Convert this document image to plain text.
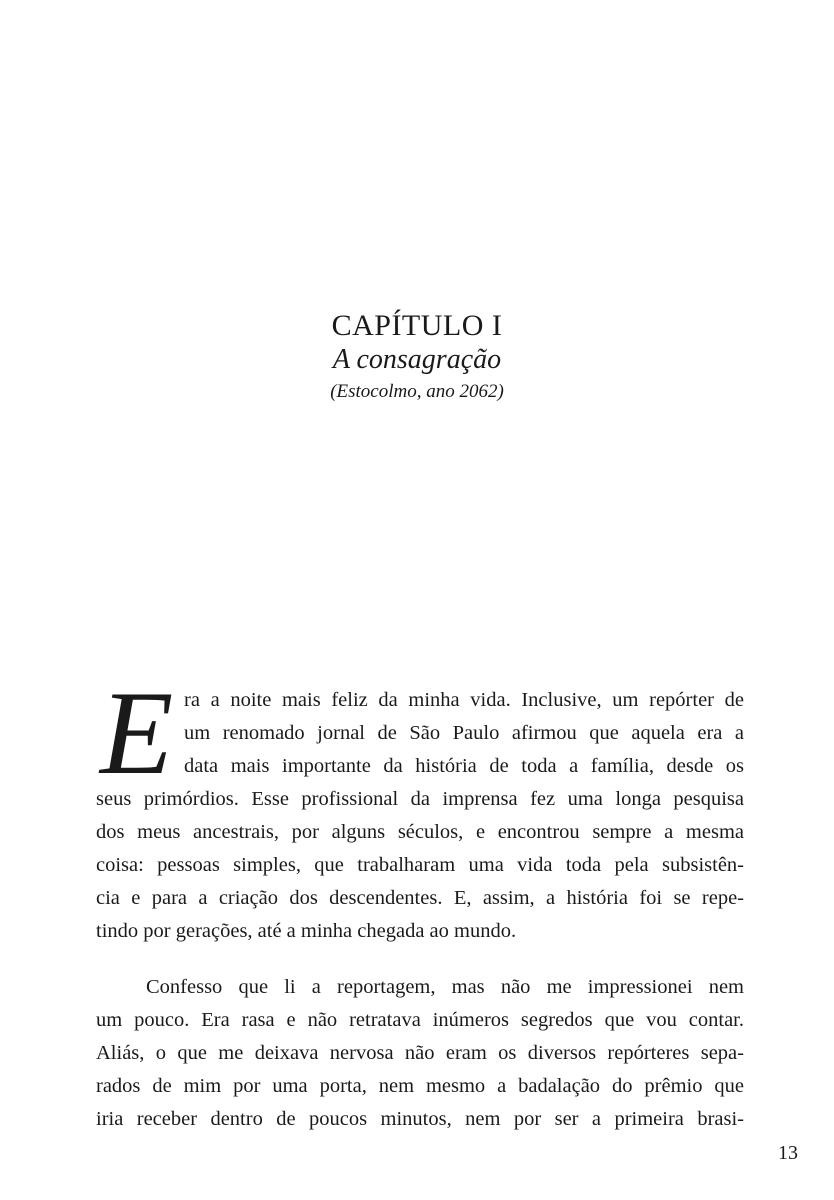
CAPÍTULO I

A consagração

(Estocolmo, ano 2062)

E ra a noite mais feliz da minha vida. Inclusive, um repórter de
um renomado jornal de São Paulo afirmou que aquela era a
data mais importante da história de toda a família, desde os
seus primórdios. Esse profissional da imprensa fez uma longa pesquisa
dos meus ancestrais, por alguns séculos, e encontrou sempre a mesma
coisa: pessoas simples, que trabalharam uma vida toda pela subsistên-
cia e para a criação dos descendentes. E, assim, a história foi se repe-
tindo por gerações, até a minha chegada ao mundo.
Confesso que li a reportagem, mas não me impressionei nem
um pouco. Era rasa e não retratava inúmeros segredos que vou contar.
Aliás, o que me deixava nervosa não eram os diversos repórteres sepa-
rados de mim por uma porta, nem mesmo a badalação do prêmio que
iria receber dentro de poucos minutos, nem por ser a primeira brasi-
13
